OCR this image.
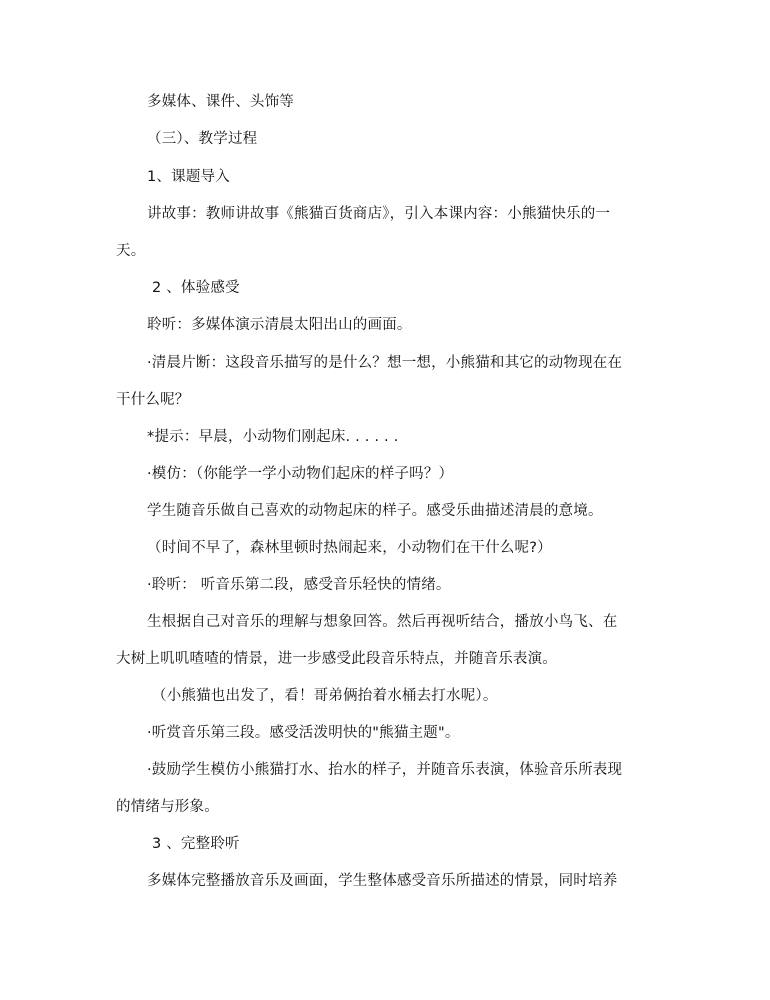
多媒体、课件、头饰等
（三）、教学过程
1、课题导入
讲故事：教师讲故事《熊猫百货商店》，引入本课内容：小熊猫快乐的一
天。
2 、体验感受
聆听：多媒体演示清晨太阳出山的画面。
·清晨片断：这段音乐描写的是什么？想一想，小熊猫和其它的动物现在在
干什么呢？
*提示：早晨，小动物们刚起床. . . . . .
·模仿：（你能学一学小动物们起床的样子吗？）
学生随音乐做自己喜欢的动物起床的样子。感受乐曲描述清晨的意境。
（时间不早了，森林里顿时热闹起来，小动物们在干什么呢?）
·聆听： 听音乐第二段，感受音乐轻快的情绪。
生根据自己对音乐的理解与想象回答。然后再视听结合，播放小鸟飞、在
大树上叽叽喳喳的情景，进一步感受此段音乐特点，并随音乐表演。
（小熊猫也出发了，看！哥弟俩抬着水桶去打水呢）。
·听赏音乐第三段。感受活泼明快的"熊猫主题"。
·鼓励学生模仿小熊猫打水、抬水的样子，并随音乐表演，体验音乐所表现
的情绪与形象。
3 、完整聆听
多媒体完整播放音乐及画面，学生整体感受音乐所描述的情景，同时培养
